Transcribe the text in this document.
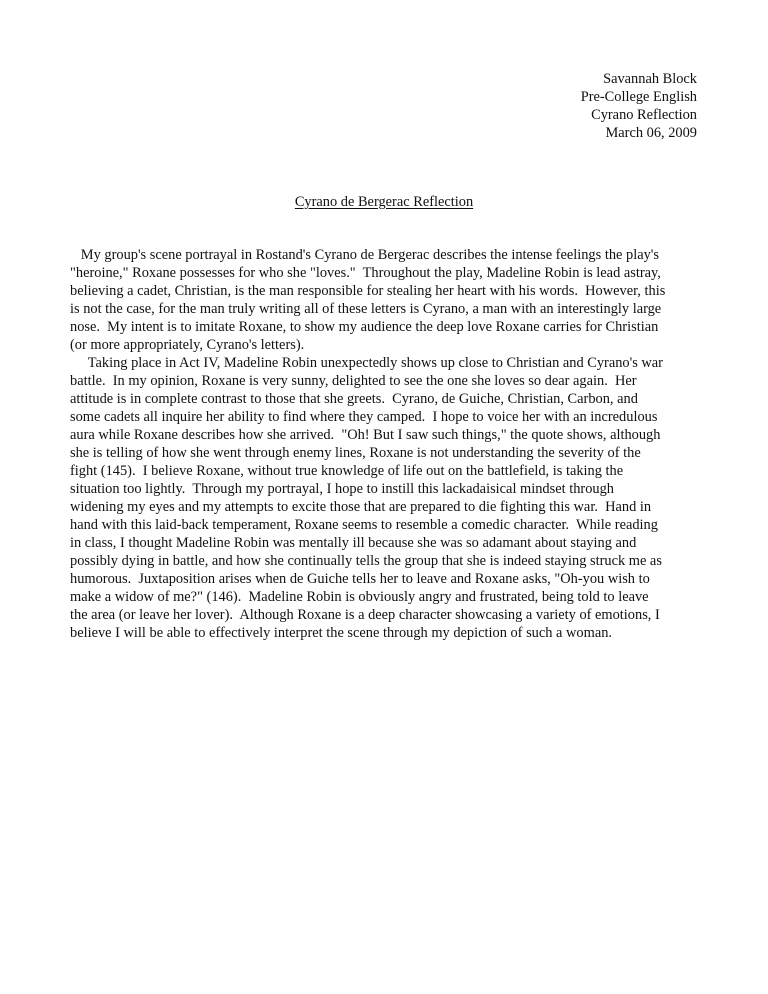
Savannah Block
Pre-College English
Cyrano Reflection
March 06, 2009
Cyrano de Bergerac Reflection
My group's scene portrayal in Rostand's Cyrano de Bergerac describes the intense feelings the play's
"heroine," Roxane possesses for who she "loves."  Throughout the play, Madeline Robin is lead astray,
believing a cadet, Christian, is the man responsible for stealing her heart with his words.  However, this
is not the case, for the man truly writing all of these letters is Cyrano, a man with an interestingly large
nose.  My intent is to imitate Roxane, to show my audience the deep love Roxane carries for Christian
(or more appropriately, Cyrano's letters).
Taking place in Act IV, Madeline Robin unexpectedly shows up close to Christian and Cyrano's war
battle.  In my opinion, Roxane is very sunny, delighted to see the one she loves so dear again.  Her
attitude is in complete contrast to those that she greets.  Cyrano, de Guiche, Christian, Carbon, and
some cadets all inquire her ability to find where they camped.  I hope to voice her with an incredulous
aura while Roxane describes how she arrived.  "Oh! But I saw such things," the quote shows, although
she is telling of how she went through enemy lines, Roxane is not understanding the severity of the
fight (145).  I believe Roxane, without true knowledge of life out on the battlefield, is taking the
situation too lightly.  Through my portrayal, I hope to instill this lackadaisical mindset through
widening my eyes and my attempts to excite those that are prepared to die fighting this war.  Hand in
hand with this laid-back temperament, Roxane seems to resemble a comedic character.  While reading
in class, I thought Madeline Robin was mentally ill because she was so adamant about staying and
possibly dying in battle, and how she continually tells the group that she is indeed staying struck me as
humorous.  Juxtaposition arises when de Guiche tells her to leave and Roxane asks, "Oh-you wish to
make a widow of me?" (146).  Madeline Robin is obviously angry and frustrated, being told to leave
the area (or leave her lover).  Although Roxane is a deep character showcasing a variety of emotions, I
believe I will be able to effectively interpret the scene through my depiction of such a woman.
